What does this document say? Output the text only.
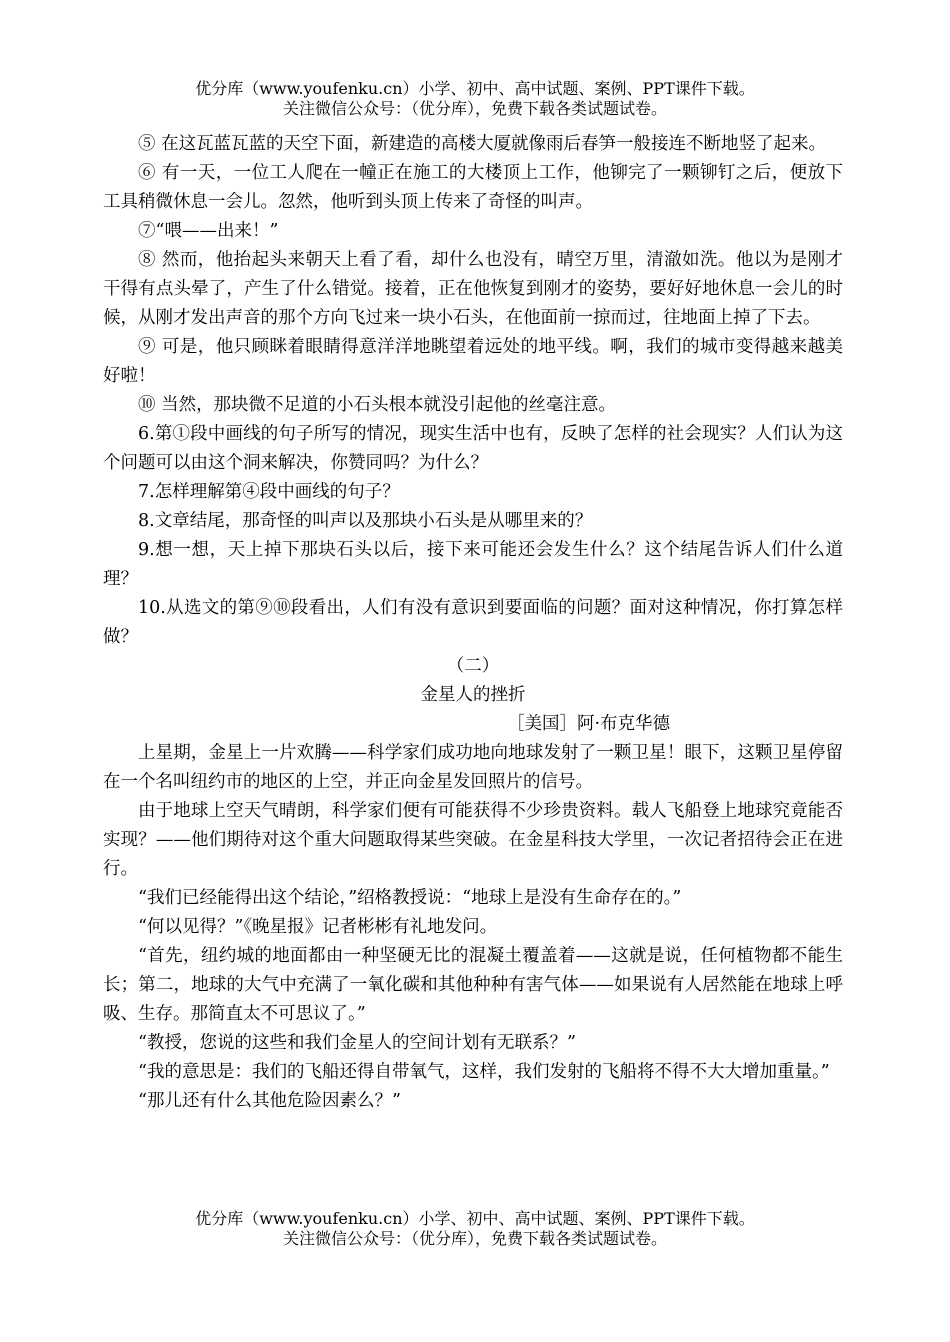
优分库（www.youfenku.cn）小学、初中、高中试题、案例、PPT课件下载。
关注微信公众号：（优分库），免费下载各类试题试卷。

⑤ 在这瓦蓝瓦蓝的天空下面，新建造的高楼大厦就像雨后春笋一般接连不断地竖了起来。

⑥ 有一天，一位工人爬在一幢正在施工的大楼顶上工作，他铆完了一颗铆钉之后，便放下工具稍微休息一会儿。忽然，他听到头顶上传来了奇怪的叫声。

⑦“喂——出来！”

⑧ 然而，他抬起头来朝天上看了看，却什么也没有，晴空万里，清澈如洗。他以为是刚才干得有点头晕了，产生了什么错觉。接着，正在他恢复到刚才的姿势，要好好地休息一会儿的时候，从刚才发出声音的那个方向飞过来一块小石头，在他面前一掠而过，往地面上掉了下去。

⑨ 可是，他只顾眯着眼睛得意洋洋地眺望着远处的地平线。啊，我们的城市变得越来越美好啦！

⑩ 当然，那块微不足道的小石头根本就没引起他的丝毫注意。

6.第①段中画线的句子所写的情况，现实生活中也有，反映了怎样的社会现实？人们认为这个问题可以由这个洞来解决，你赞同吗？为什么？

7.怎样理解第④段中画线的句子？

8.文章结尾，那奇怪的叫声以及那块小石头是从哪里来的？

9.想一想，天上掉下那块石头以后，接下来可能还会发生什么？这个结尾告诉人们什么道理？

10.从选文的第⑨⑩段看出，人们有没有意识到要面临的问题？面对这种情况，你打算怎样做？

（二）

金星人的挫折

［美国］阿·布克华德

上星期，金星上一片欢腾——科学家们成功地向地球发射了一颗卫星！眼下，这颗卫星停留在一个名叫纽约市的地区的上空，并正向金星发回照片的信号。

由于地球上空天气晴朗，科学家们便有可能获得不少珍贵资料。载人飞船登上地球究竟能否实现？——他们期待对这个重大问题取得某些突破。在金星科技大学里，一次记者招待会正在进行。

“我们已经能得出这个结论，”绍格教授说：“地球上是没有生命存在的。”

“何以见得？”《晚星报》记者彬彬有礼地发问。

“首先，纽约城的地面都由一种坚硬无比的混凝土覆盖着——这就是说，任何植物都不能生长；第二，地球的大气中充满了一氧化碳和其他种种有害气体——如果说有人居然能在地球上呼吸、生存。那简直太不可思议了。”

“教授，您说的这些和我们金星人的空间计划有无联系？”

“我的意思是：我们的飞船还得自带氧气，这样，我们发射的飞船将不得不大大增加重量。”

“那儿还有什么其他危险因素么？”

优分库（www.youfenku.cn）小学、初中、高中试题、案例、PPT课件下载。
关注微信公众号：（优分库），免费下载各类试题试卷。
